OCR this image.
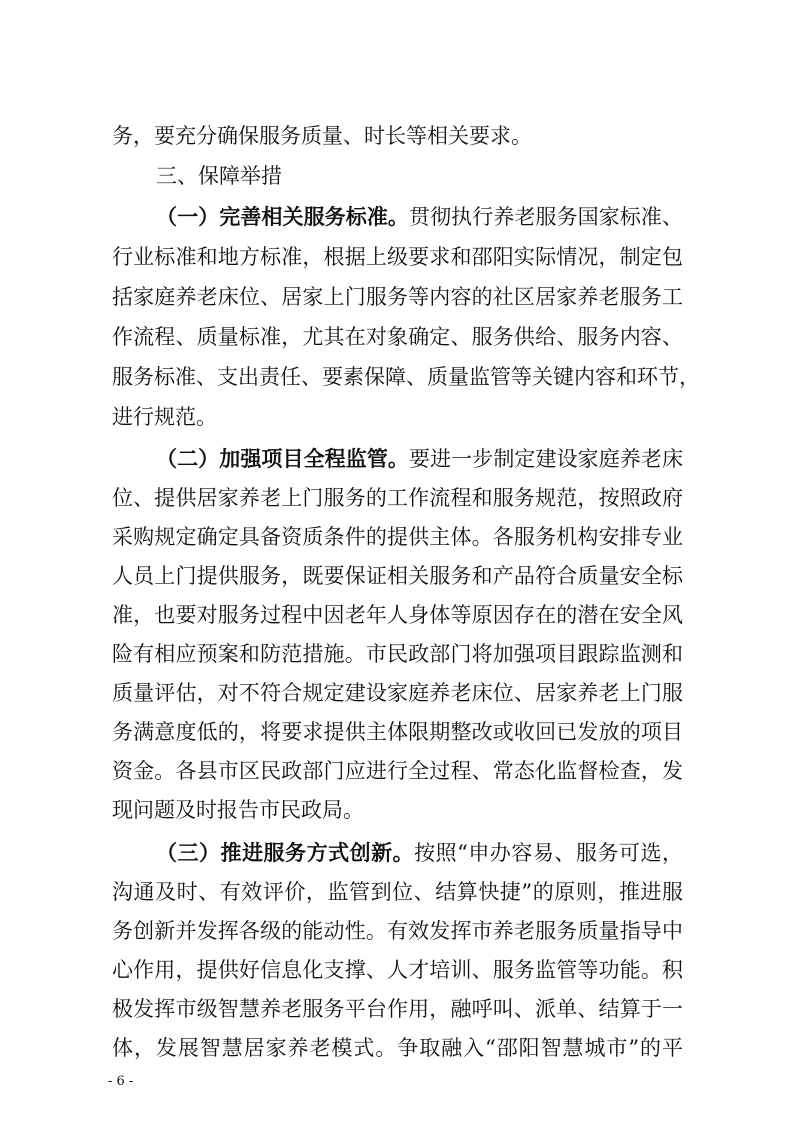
务，要充分确保服务质量、时长等相关要求。
三、保障举措
（一）完善相关服务标准。贯彻执行养老服务国家标准、
行业标准和地方标准，根据上级要求和邵阳实际情况，制定包
括家庭养老床位、居家上门服务等内容的社区居家养老服务工
作流程、质量标准，尤其在对象确定、服务供给、服务内容、
服务标准、支出责任、要素保障、质量监管等关键内容和环节，
进行规范。
（二）加强项目全程监管。要进一步制定建设家庭养老床
位、提供居家养老上门服务的工作流程和服务规范，按照政府
采购规定确定具备资质条件的提供主体。各服务机构安排专业
人员上门提供服务，既要保证相关服务和产品符合质量安全标
准，也要对服务过程中因老年人身体等原因存在的潜在安全风
险有相应预案和防范措施。市民政部门将加强项目跟踪监测和
质量评估，对不符合规定建设家庭养老床位、居家养老上门服
务满意度低的，将要求提供主体限期整改或收回已发放的项目
资金。各县市区民政部门应进行全过程、常态化监督检查，发
现问题及时报告市民政局。
（三）推进服务方式创新。按照“申办容易、服务可选，
沟通及时、有效评价，监管到位、结算快捷”的原则，推进服
务创新并发挥各级的能动性。有效发挥市养老服务质量指导中
心作用，提供好信息化支撑、人才培训、服务监管等功能。积
极发挥市级智慧养老服务平台作用，融呼叫、派单、结算于一
体，发展智慧居家养老模式。争取融入“邵阳智慧城市”的平
- 6 -
